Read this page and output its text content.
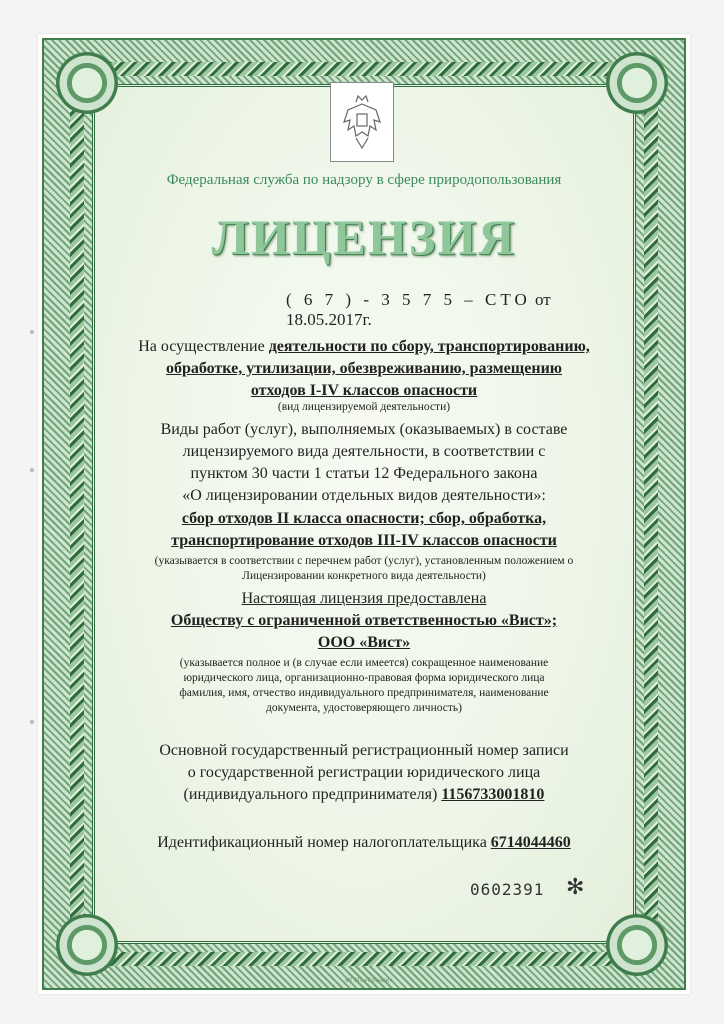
Федеральная служба по надзору в сфере природопользования
ЛИЦЕНЗИЯ
( 6 7 ) - 3 5 7 5 – СТО от 18.05.2017г.
На осуществление деятельности по сбору, транспортированию,
обработке, утилизации, обезвреживанию, размещению
отходов I-IV классов опасности
(вид лицензируемой деятельности)
Виды работ (услуг), выполняемых (оказываемых) в составе
лицензируемого вида деятельности, в соответствии с
пунктом 30 части 1 статьи 12 Федерального закона
«О лицензировании отдельных видов деятельности»:
сбор отходов II класса опасности; сбор, обработка,
транспортирование отходов III-IV классов опасности
(указывается в соответствии с перечнем работ (услуг), установленным положением о
Лицензировании конкретного вида деятельности)
Настоящая лицензия предоставлена
Обществу с ограниченной ответственностью «Вист»;
ООО «Вист»
(указывается полное и (в случае если имеется) сокращенное наименование
юридического лица, организационно-правовая форма юридического лица
фамилия, имя, отчество индивидуального предпринимателя, наименование
документа, удостоверяющего личность)
Основной государственный регистрационный номер записи
о государственной регистрации юридического лица
(индивидуального предпринимателя) 1156733001810
Идентификационный номер налогоплательщика 6714044460
0602391 ✻
ФГУП «Гознак»
